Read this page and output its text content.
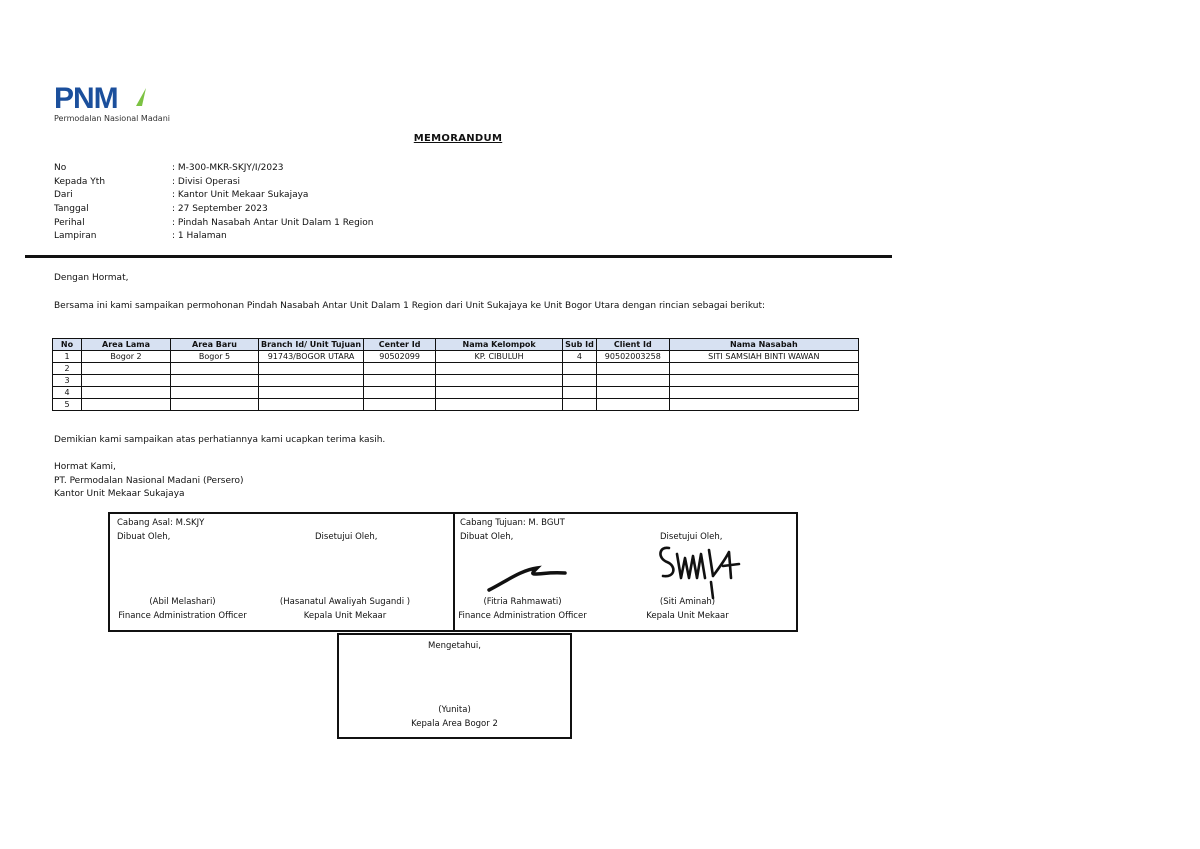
PNM
Permodalan Nasional Madani
MEMORANDUM
No	: M-300-MKR-SKJY/I/2023
Kepada Yth	: Divisi Operasi
Dari	: Kantor Unit Mekaar Sukajaya
Tanggal	: 27 September 2023
Perihal	: Pindah Nasabah Antar Unit Dalam 1 Region
Lampiran	: 1 Halaman
Dengan Hormat,
Bersama ini kami sampaikan permohonan Pindah Nasabah Antar Unit Dalam 1 Region dari Unit Sukajaya ke Unit Bogor Utara dengan rincian sebagai berikut:
No	Area Lama	Area Baru	Branch Id/ Unit Tujuan	Center Id	Nama Kelompok	Sub Id	Client Id	Nama Nasabah
1	Bogor 2	Bogor 5	91743/BOGOR UTARA	90502099	KP. CIBULUH	4	90502003258	SITI SAMSIAH BINTI WAWAN
2								
3								
4								
5								
Demikian kami sampaikan atas perhatiannya kami ucapkan terima kasih.
Hormat Kami,
PT. Permodalan Nasional Madani (Persero)
Kantor Unit Mekaar Sukajaya
Cabang Asal: M.SKJY
Dibuat Oleh,	Disetujui Oleh,
(Abil Melashari)
Finance Administration Officer
(Hasanatul Awaliyah Sugandi )
Kepala Unit Mekaar
Cabang Tujuan: M. BGUT
Dibuat Oleh,	Disetujui Oleh,
(Fitria Rahmawati)
Finance Administration Officer
(Siti Aminah)
Kepala Unit Mekaar
Mengetahui,
(Yunita)
Kepala Area Bogor 2
